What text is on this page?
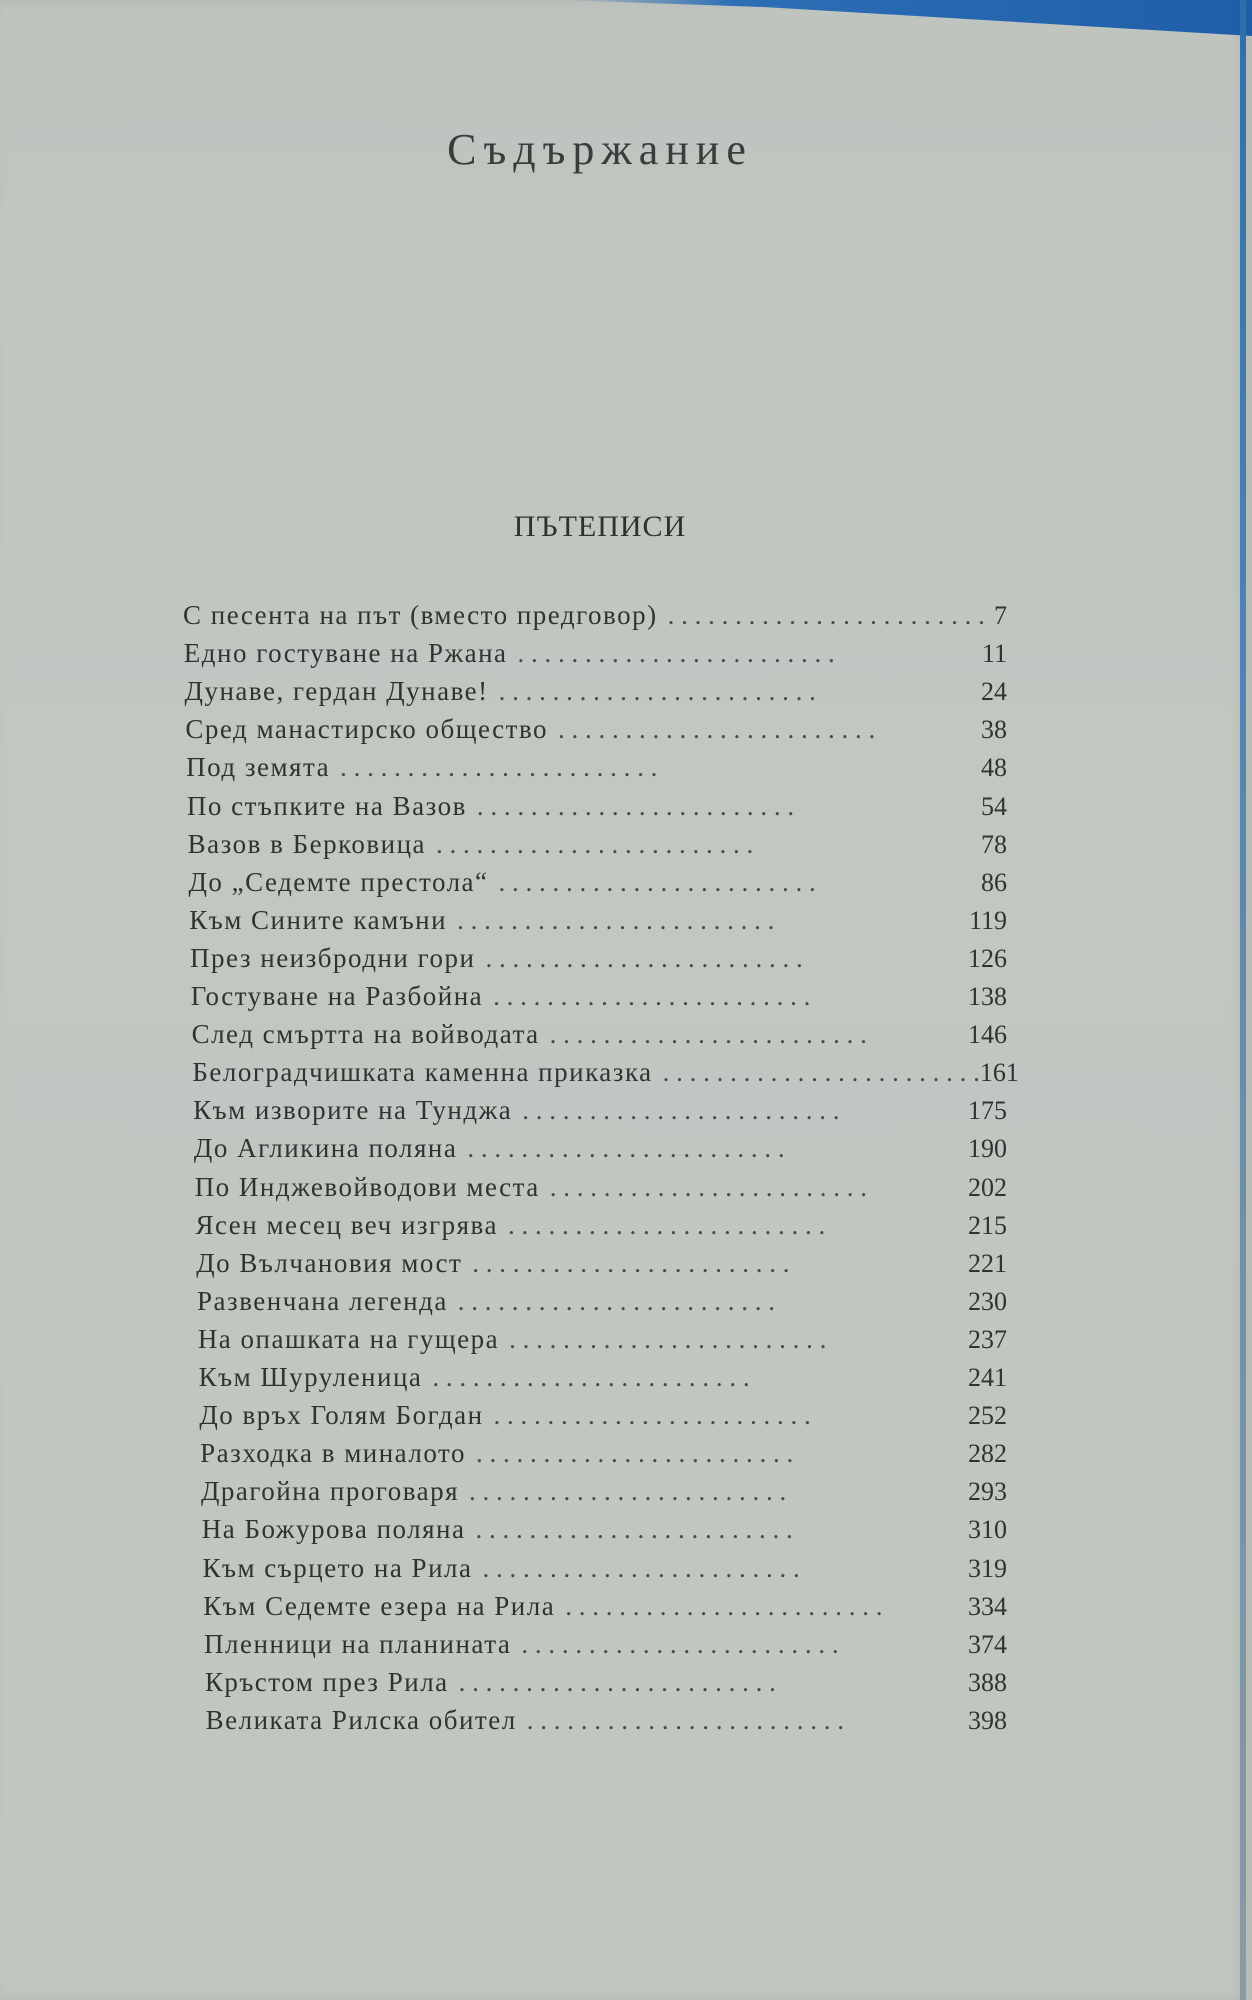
Съдържание
ПЪТЕПИСИ
С песента на път (вместо предговор) . . . . . . . . . . . . . . . . . . . . . . . . 7
Едно гостуване на Ржана . . . . . . . . . . . . . . . . . . . . . . . .	11
Дунаве, гердан Дунаве! . . . . . . . . . . . . . . . . . . . . . . . .	24
Сред манастирско общество . . . . . . . . . . . . . . . . . . . . . . . .	38
Под земята . . . . . . . . . . . . . . . . . . . . . . . .	48
По стъпките на Вазов . . . . . . . . . . . . . . . . . . . . . . . .	54
Вазов в Берковица . . . . . . . . . . . . . . . . . . . . . . . .	78
До „Седемте престола“ . . . . . . . . . . . . . . . . . . . . . . . .	86
Към Сините камъни . . . . . . . . . . . . . . . . . . . . . . . .	119
През неизбродни гори . . . . . . . . . . . . . . . . . . . . . . . .	126
Гостуване на Разбойна . . . . . . . . . . . . . . . . . . . . . . . .	138
След смъртта на войводата . . . . . . . . . . . . . . . . . . . . . . . .	146
Белоградчишката каменна приказка . . . . . . . . . . . . . . . . . . . . . . . . 161
Към изворите на Тунджа . . . . . . . . . . . . . . . . . . . . . . . .	175
До Агликина поляна . . . . . . . . . . . . . . . . . . . . . . . .	190
По Инджевойводови места . . . . . . . . . . . . . . . . . . . . . . . .	202
Ясен месец веч изгрява . . . . . . . . . . . . . . . . . . . . . . . .	215
До Вълчановия мост . . . . . . . . . . . . . . . . . . . . . . . .	221
Развенчана легенда . . . . . . . . . . . . . . . . . . . . . . . .	230
На опашката на гущера . . . . . . . . . . . . . . . . . . . . . . . .	237
Към Шуруленица . . . . . . . . . . . . . . . . . . . . . . . .	241
До връх Голям Богдан . . . . . . . . . . . . . . . . . . . . . . . .	252
Разходка в миналото . . . . . . . . . . . . . . . . . . . . . . . .	282
Драгойна проговаря . . . . . . . . . . . . . . . . . . . . . . . .	293
На Божурова поляна . . . . . . . . . . . . . . . . . . . . . . . .	310
Към сърцето на Рила . . . . . . . . . . . . . . . . . . . . . . . .	319
Към Седемте езера на Рила . . . . . . . . . . . . . . . . . . . . . . . .	334
Пленници на планината . . . . . . . . . . . . . . . . . . . . . . . .	374
Кръстом през Рила . . . . . . . . . . . . . . . . . . . . . . . .	388
Великата Рилска обител . . . . . . . . . . . . . . . . . . . . . . . .	398
